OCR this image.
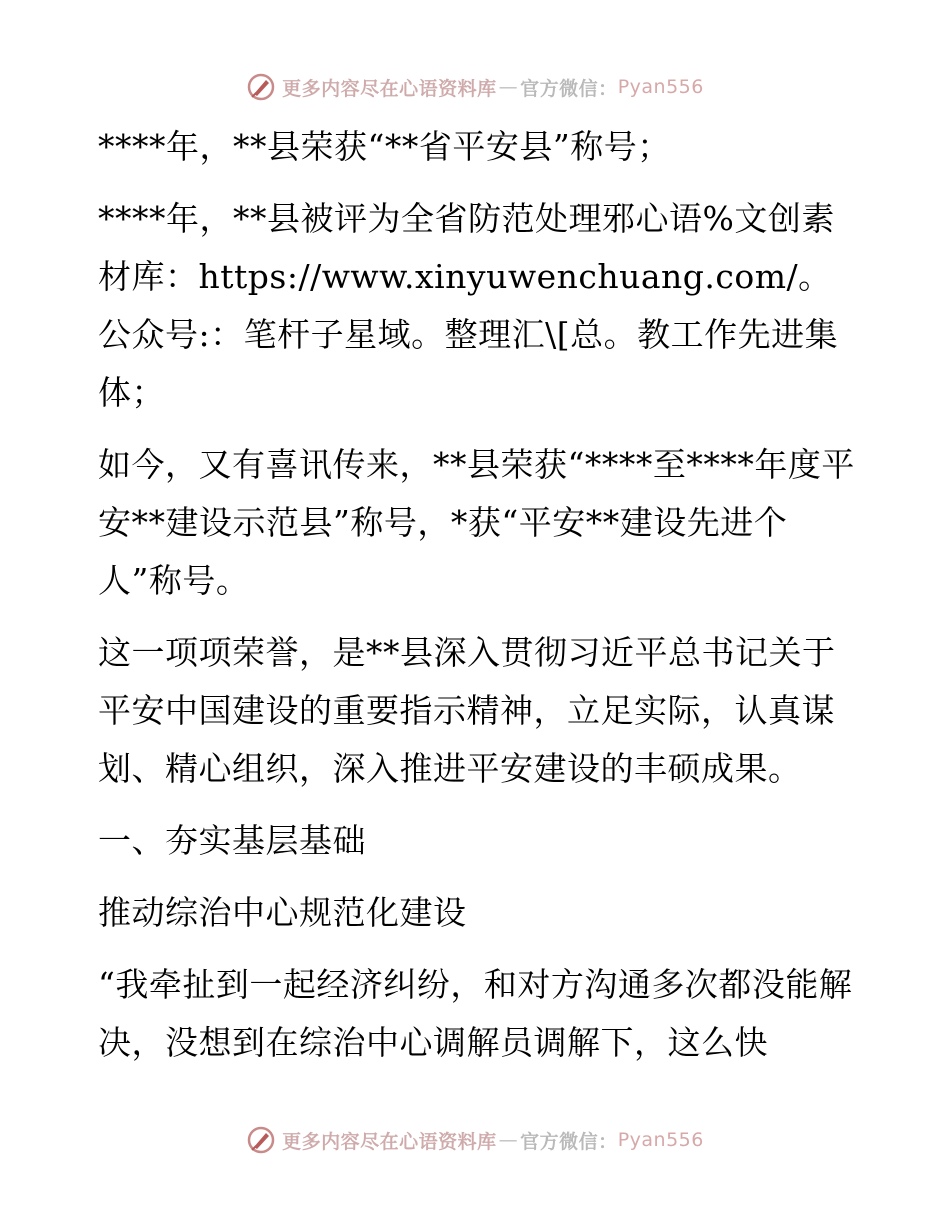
更多内容尽在心语资料库 — 官方微信： Pyan556

****年，**县荣获“**省平安县”称号；

****年，**县被评为全省防范处理邪心语%文创素材库：https://www.xinyuwenchuang.com/。公众号:：笔杆子星域。整理汇\[总。教工作先进集体；

如今，又有喜讯传来，**县荣获“****至****年度平安**建设示范县”称号，*获“平安**建设先进个人”称号。

这一项项荣誉，是**县深入贯彻习近平总书记关于平安中国建设的重要指示精神，立足实际，认真谋划、精心组织，深入推进平安建设的丰硕成果。

一、夯实基层基础

推动综治中心规范化建设

“我牵扯到一起经济纠纷，和对方沟通多次都没能解决，没想到在综治中心调解员调解下，这么快

更多内容尽在心语资料库 — 官方微信： Pyan556
